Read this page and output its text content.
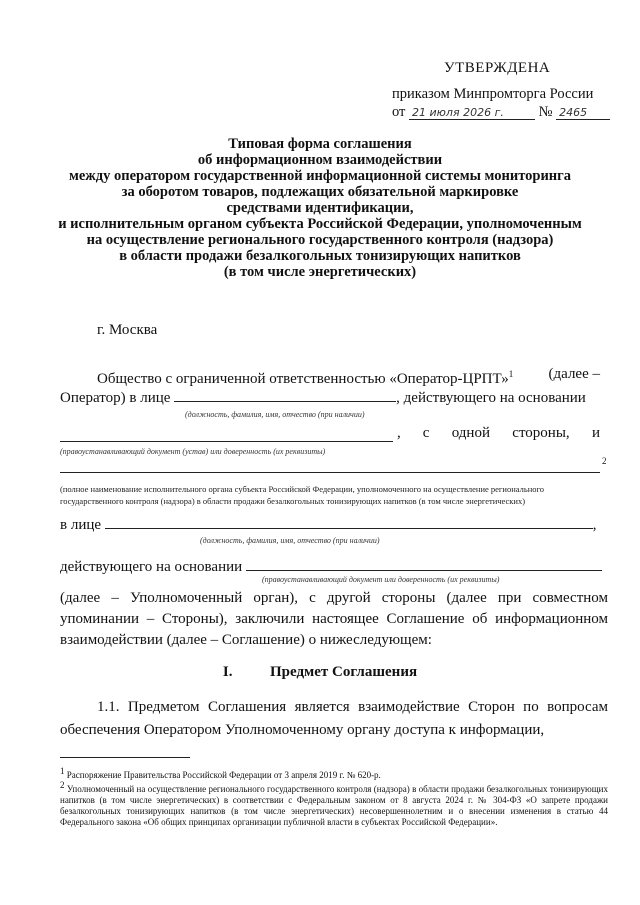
УТВЕРЖДЕНА
приказом Минпромторга России
от 21 июля 2026 г. № 2465
Типовая форма соглашения
об информационном взаимодействии
между оператором государственной информационной системы мониторинга
за оборотом товаров, подлежащих обязательной маркировке
средствами идентификации,
и исполнительным органом субъекта Российской Федерации, уполномоченным
на осуществление регионального государственного контроля (надзора)
в области продажи безалкогольных тонизирующих напитков
(в том числе энергетических)
г. Москва
Общество с ограниченной ответственностью «Оператор-ЦРПТ»$^1$ (далее –
Оператор) в лице	, действующего на основании
(должность, фамилия, имя, отчество (при наличии)
, с одной стороны, и
(правоустанавливающий документ (устав) или доверенность (их реквизиты)
2
(полное наименование исполнительного органа субъекта Российской Федерации, уполномоченного на осуществление регионального государственного контроля (надзора) в области продажи безалкогольных тонизирующих напитков (в том числе энергетических)
в лице	,
(должность, фамилия, имя, отчество (при наличии)
действующего на основании
(правоустанавливающий документ или доверенность (их реквизиты)
(далее – Уполномоченный орган), с другой стороны (далее при совместном упоминании – Стороны), заключили настоящее Соглашение об информационном взаимодействии (далее – Соглашение) о нижеследующем:
I.	Предмет Соглашения
1.1. Предметом Соглашения является взаимодействие Сторон по вопросам обеспечения Оператором Уполномоченному органу доступа к информации,
$^1$ Распоряжение Правительства Российской Федерации от 3 апреля 2019 г. № 620-р.
$^2$ Уполномоченный на осуществление регионального государственного контроля (надзора) в области продажи безалкогольных тонизирующих напитков (в том числе энергетических) в соответствии с Федеральным законом от 8 августа 2024 г. № 304-ФЗ «О запрете продажи безалкогольных тонизирующих напитков (в том числе энергетических) несовершеннолетним и о внесении изменения в статью 44 Федерального закона «Об общих принципах организации публичной власти в субъектах Российской Федерации».
